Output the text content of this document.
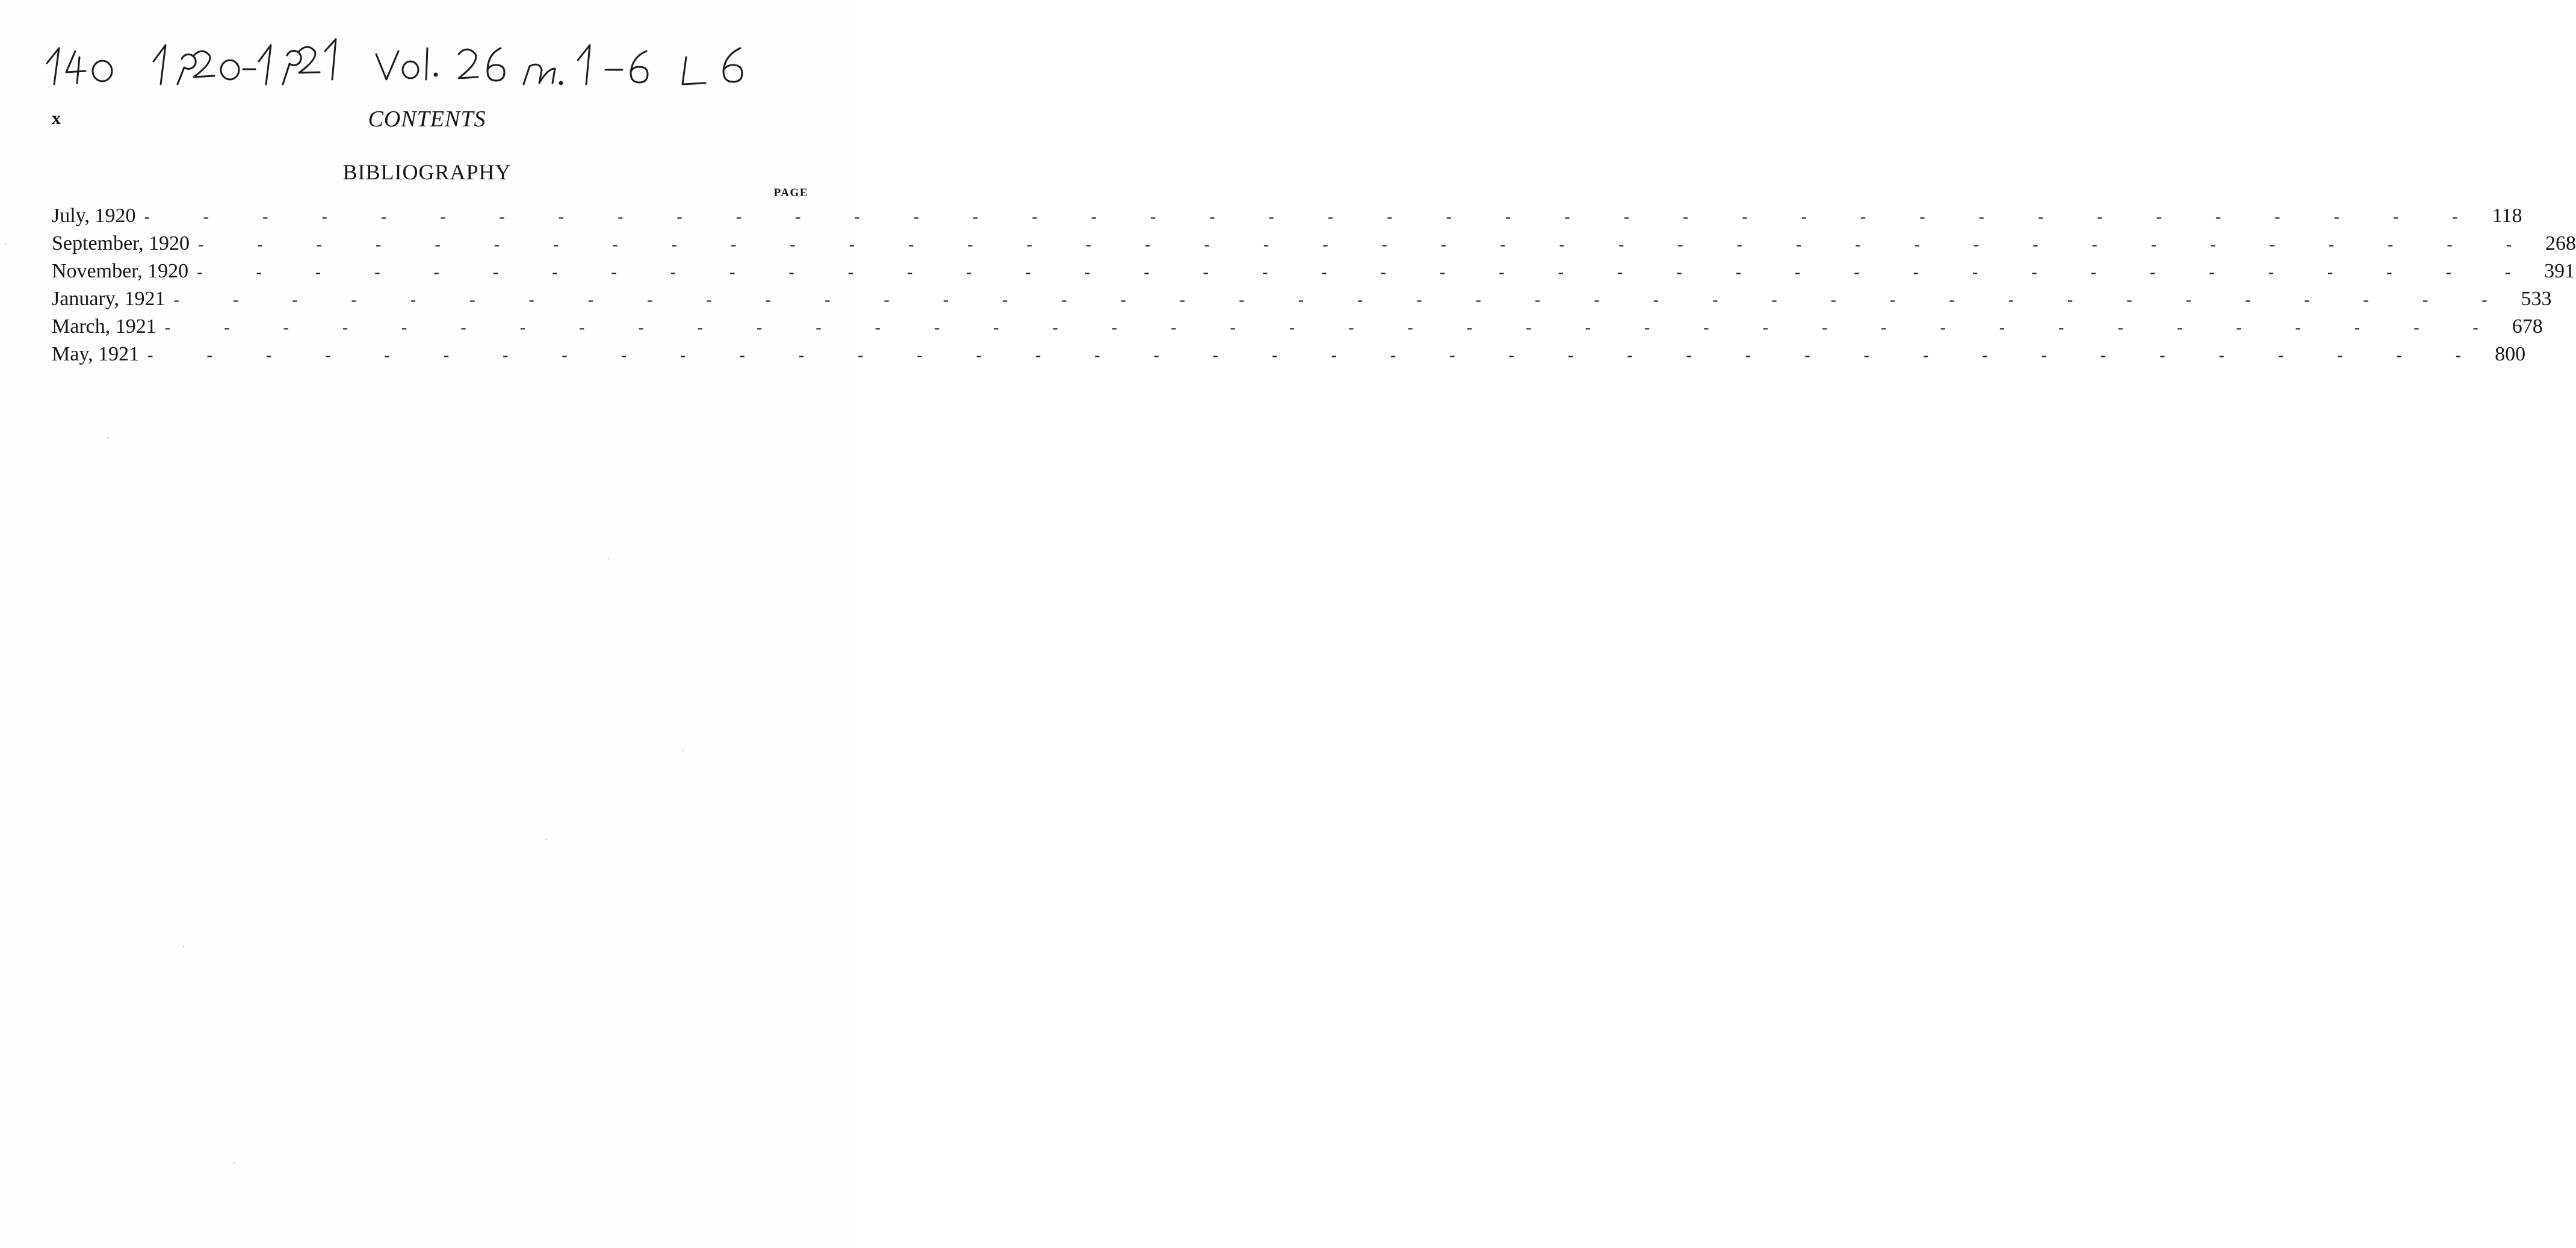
x	CONTENTS
BIBLIOGRAPHY
PAGE
July, 1920 - - - - - - - - - - - - - - - - - - - - - - - - - - - - - - - - - - - - - - - - 118
September, 1920 - - - - - - - - - - - - - - - - - - - - - - - - - - - - - - - - - - - - - - - - 268
November, 1920 - - - - - - - - - - - - - - - - - - - - - - - - - - - - - - - - - - - - - - - - 391
January, 1921 - - - - - - - - - - - - - - - - - - - - - - - - - - - - - - - - - - - - - - - - 533
March, 1921 - - - - - - - - - - - - - - - - - - - - - - - - - - - - - - - - - - - - - - - - 678
May, 1921 - - - - - - - - - - - - - - - - - - - - - - - - - - - - - - - - - - - - - - - - 800
